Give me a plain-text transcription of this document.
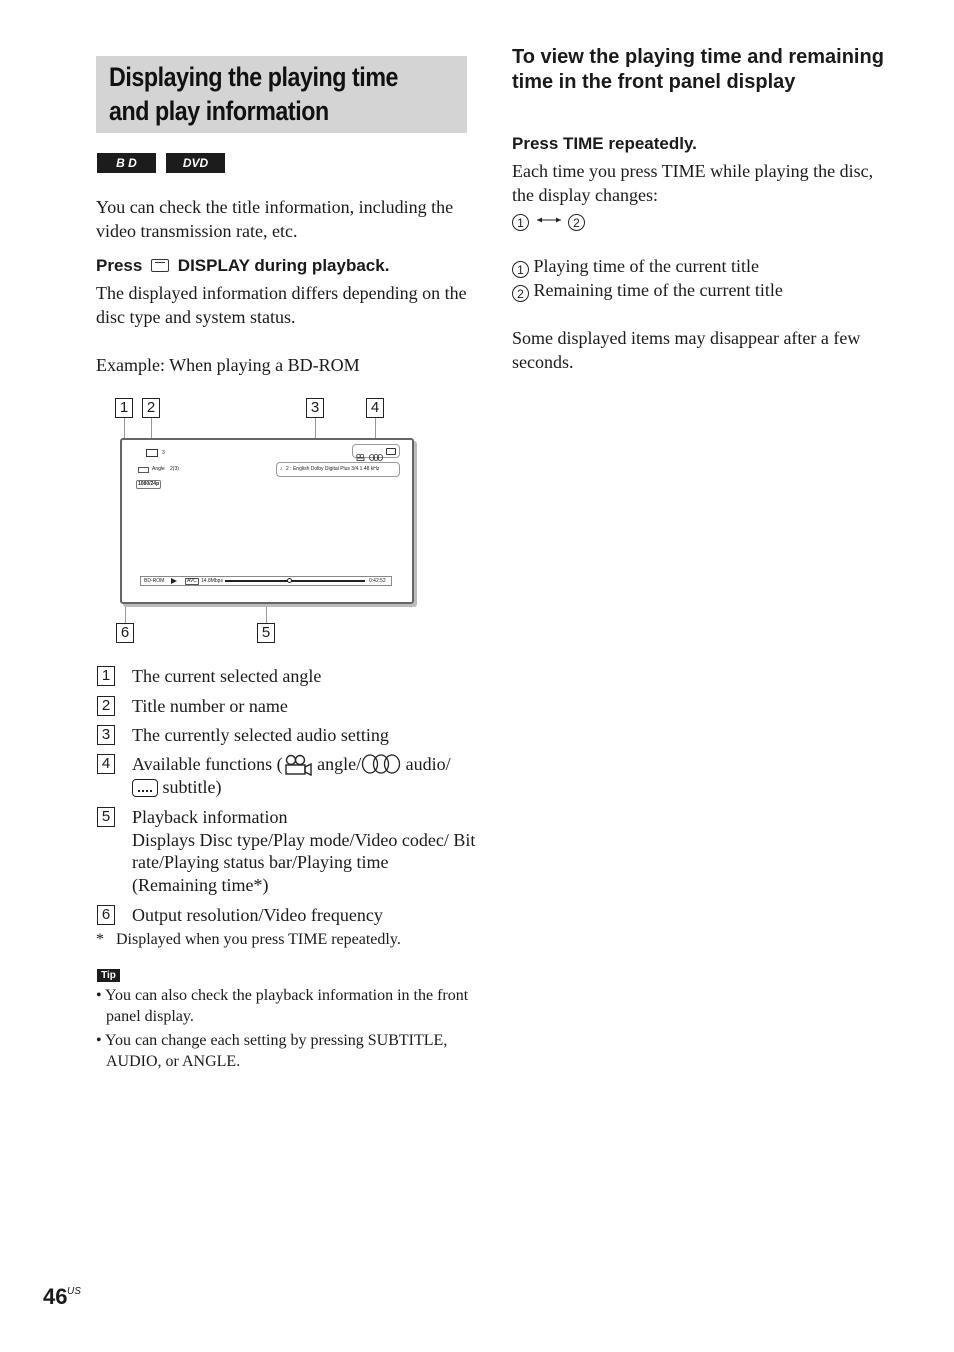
Displaying the playing time and play information
B D	DVD
You can check the title information, including the video transmission rate, etc.
Press DISPLAY during playback.
The displayed information differs depending on the disc type and system status.
Example: When playing a BD-ROM
1	2	3	4
6	5
3
Angle 2(3)
1080/24p
♪ 2 : English Dolby Digital Plus 3/4.1 48 kHz
BD-ROM	AVC 14.8Mbps	0:42:52
1 The current selected angle
2 Title number or name
3 The currently selected audio setting
4 Available functions ( angle/ audio/

subtitle)
5 Playback information
Displays Disc type/Play mode/Video codec/ Bit rate/Playing status bar/Playing time (Remaining time*)
6 Output resolution/Video frequency
*   Displayed when you press TIME repeatedly.
Tip
• You can also check the playback information in the front panel display.
• You can change each setting by pressing SUBTITLE, AUDIO, or ANGLE.
To view the playing time and remaining time in the front panel display
Press TIME repeatedly.
Each time you press TIME while playing the disc, the display changes:
1	2
1 Playing time of the current title
2 Remaining time of the current title
Some displayed items may disappear after a few seconds.
46 US
